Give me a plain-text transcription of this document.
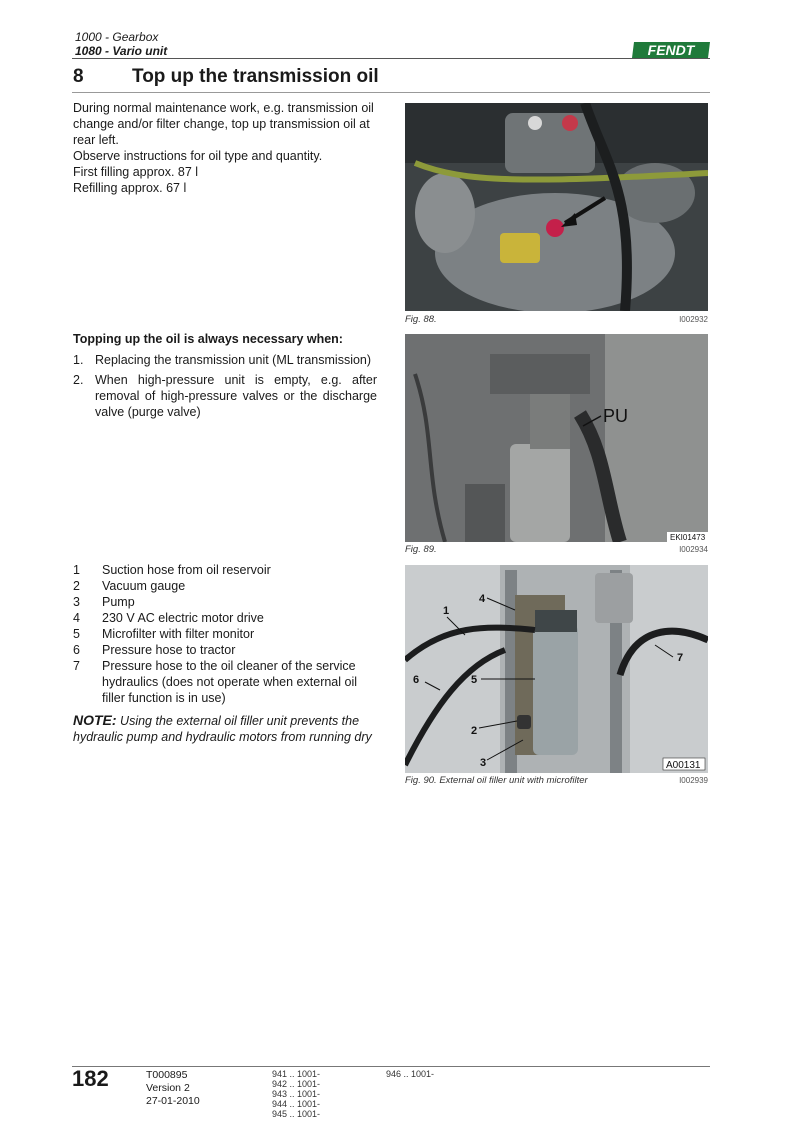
1000 - Gearbox
1080 - Vario unit	FENDT
8	Top up the transmission oil

During normal maintenance work, e.g. transmission oil change and/or filter change, top up transmission oil at rear left.

Observe instructions for oil type and quantity.

First filling approx. 87 l

Refilling approx. 67 l

Fig. 88.	I002932
Topping up the oil is always necessary when:
1. Replacing the transmission unit (ML transmission)
2. When high-pressure unit is empty, e.g. after removal of high-pressure valves or the discharge valve (purge valve)	PU
EKI01473
Fig. 89.	I002934
1	Suction hose from oil reservoir
2	Vacuum gauge
3	Pump
4	230 V AC electric motor drive
5	Microfilter with filter monitor
6	Pressure hose to tractor
7	Pressure hose to the oil cleaner of the service hydraulics (does not operate when external oil filler function is in use)
NOTE: Using the external oil filler unit prevents the hydraulic pump and hydraulic motors from running dry
1
2
3
4
5
6
7
A00131
Fig. 90. External oil filler unit with microfilter	I002939
182	T000895
Version 2
27-01-2010
941 .. 1001-
942 .. 1001-
943 .. 1001-
944 .. 1001-
945 .. 1001-
946 .. 1001-
